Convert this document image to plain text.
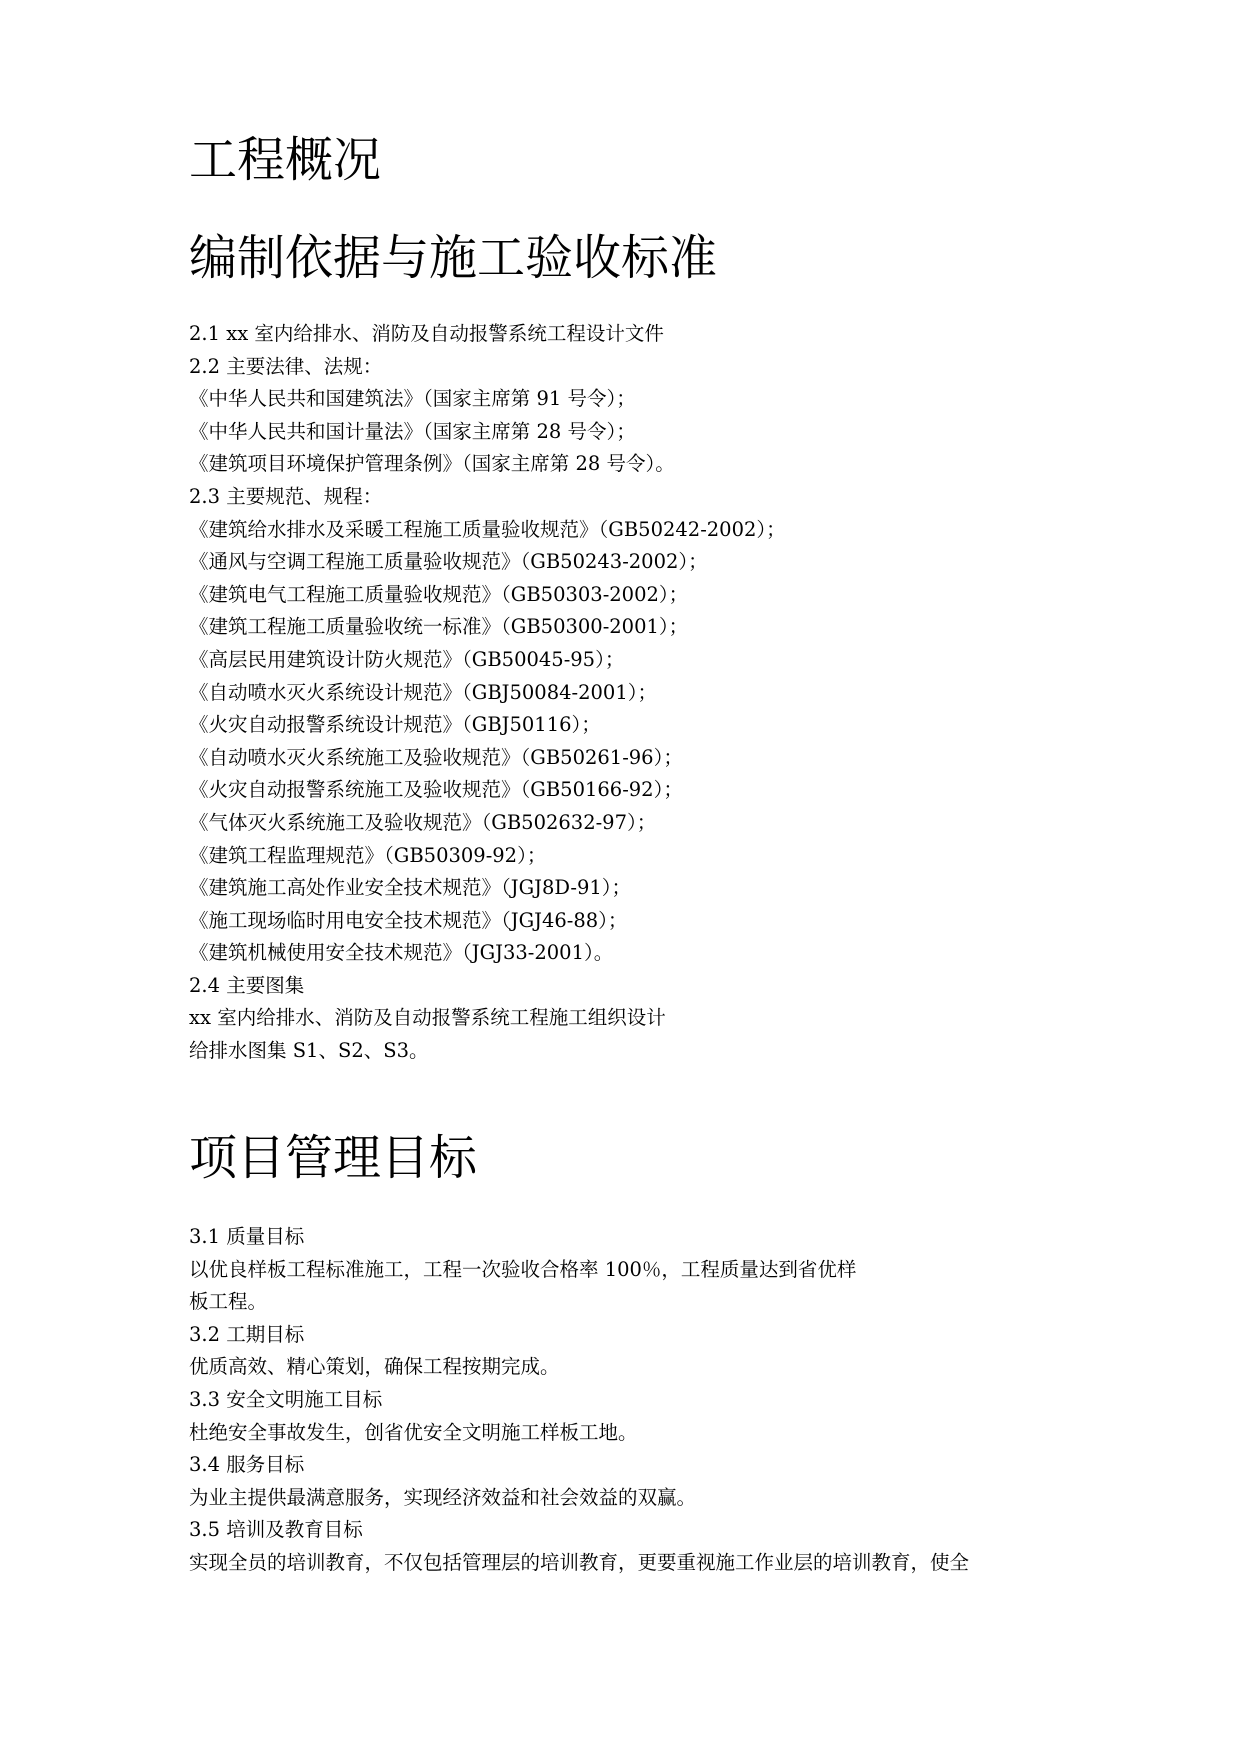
工程概况
编制依据与施工验收标准

2.1 xx 室内给排水、消防及自动报警系统工程设计文件

2.2 主要法律、法规：

《中华人民共和国建筑法》（国家主席第 91 号令）；

《中华人民共和国计量法》（国家主席第 28 号令）；

《建筑项目环境保护管理条例》（国家主席第 28 号令）。

2.3 主要规范、规程：

《建筑给水排水及采暖工程施工质量验收规范》（GB50242-2002）；

《通风与空调工程施工质量验收规范》（GB50243-2002）；

《建筑电气工程施工质量验收规范》（GB50303-2002）；

《建筑工程施工质量验收统一标准》（GB50300-2001）；

《高层民用建筑设计防火规范》（GB50045-95）；

《自动喷水灭火系统设计规范》（GBJ50084-2001）；

《火灾自动报警系统设计规范》（GBJ50116）；

《自动喷水灭火系统施工及验收规范》（GB50261-96）；

《火灾自动报警系统施工及验收规范》（GB50166-92）；

《气体灭火系统施工及验收规范》（GB502632-97）；

《建筑工程监理规范》（GB50309-92）；

《建筑施工高处作业安全技术规范》（JGJ8D-91）；

《施工现场临时用电安全技术规范》（JGJ46-88）；

《建筑机械使用安全技术规范》（JGJ33-2001）。

2.4 主要图集

xx 室内给排水、消防及自动报警系统工程施工组织设计

给排水图集 S1、S2、S3。

项目管理目标

3.1 质量目标

以优良样板工程标准施工，工程一次验收合格率 100％，工程质量达到省优样

板工程。

3.2 工期目标

优质高效、精心策划，确保工程按期完成。

3.3 安全文明施工目标

杜绝安全事故发生，创省优安全文明施工样板工地。

3.4 服务目标

为业主提供最满意服务，实现经济效益和社会效益的双赢。

3.5 培训及教育目标

实现全员的培训教育，不仅包括管理层的培训教育，更要重视施工作业层的培训教育，使全
